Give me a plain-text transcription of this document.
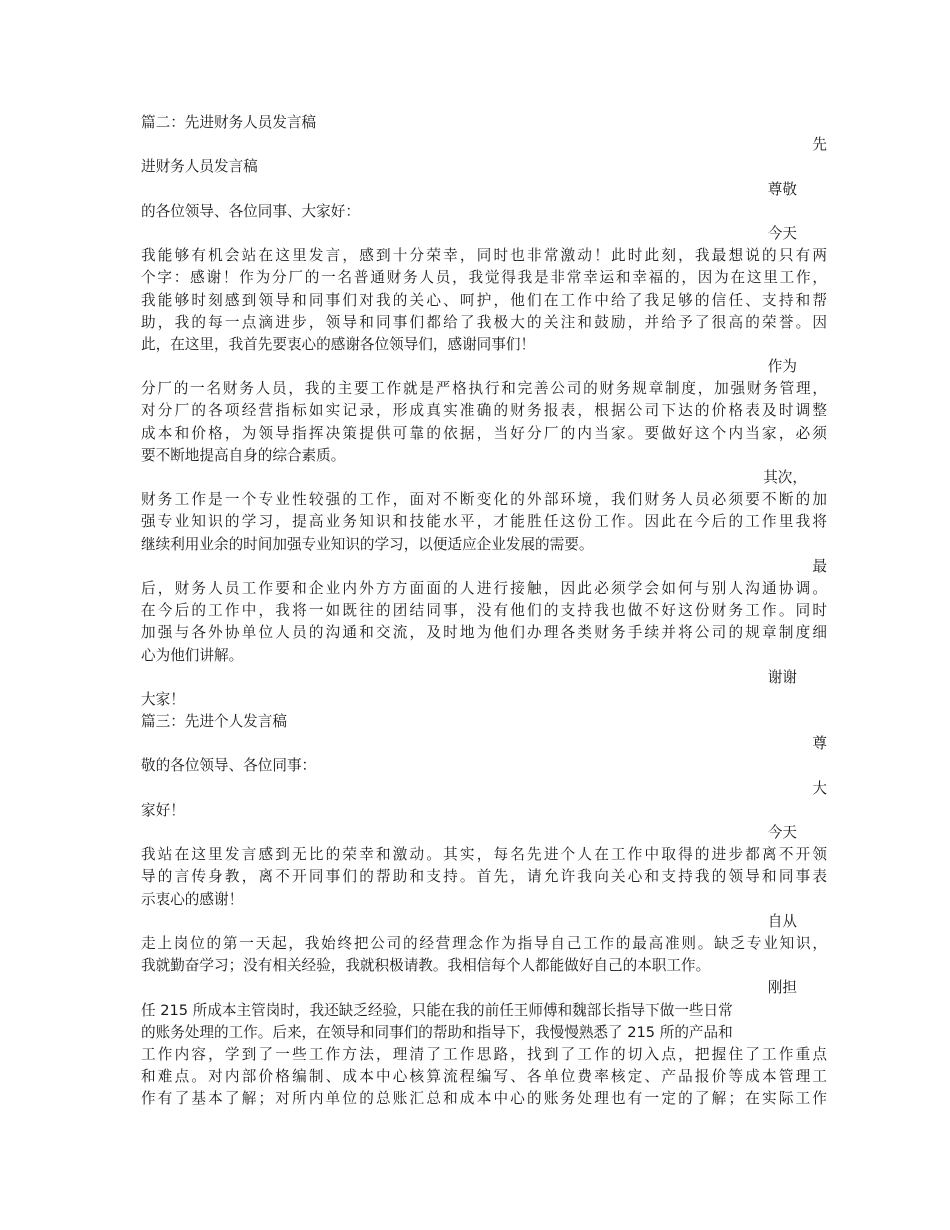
篇二：先进财务人员发言稿
先
进财务人员发言稿
尊敬
的各位领导、各位同事、大家好：
今天
我能够有机会站在这里发言，感到十分荣幸，同时也非常激动！此时此刻，我最想说的只有两
个字：感谢！作为分厂的一名普通财务人员，我觉得我是非常幸运和幸福的，因为在这里工作，
我能够时刻感到领导和同事们对我的关心、呵护，他们在工作中给了我足够的信任、支持和帮
助，我的每一点滴进步，领导和同事们都给了我极大的关注和鼓励，并给予了很高的荣誉。因
此，在这里，我首先要衷心的感谢各位领导们，感谢同事们！
作为
分厂的一名财务人员，我的主要工作就是严格执行和完善公司的财务规章制度，加强财务管理，
对分厂的各项经营指标如实记录，形成真实准确的财务报表，根据公司下达的价格表及时调整
成本和价格，为领导指挥决策提供可靠的依据，当好分厂的内当家。要做好这个内当家，必须
要不断地提高自身的综合素质。
其次，
财务工作是一个专业性较强的工作，面对不断变化的外部环境，我们财务人员必须要不断的加
强专业知识的学习，提高业务知识和技能水平，才能胜任这份工作。因此在今后的工作里我将
继续利用业余的时间加强专业知识的学习，以便适应企业发展的需要。
最
后，财务人员工作要和企业内外方方面面的人进行接触，因此必须学会如何与别人沟通协调。
在今后的工作中，我将一如既往的团结同事，没有他们的支持我也做不好这份财务工作。同时
加强与各外协单位人员的沟通和交流，及时地为他们办理各类财务手续并将公司的规章制度细
心为他们讲解。
谢谢
大家！
篇三：先进个人发言稿
尊
敬的各位领导、各位同事：
大
家好！
今天
我站在这里发言感到无比的荣幸和激动。其实，每名先进个人在工作中取得的进步都离不开领
导的言传身教，离不开同事们的帮助和支持。首先，请允许我向关心和支持我的领导和同事表
示衷心的感谢！
自从
走上岗位的第一天起，我始终把公司的经营理念作为指导自己工作的最高准则。缺乏专业知识，
我就勤奋学习；没有相关经验，我就积极请教。我相信每个人都能做好自己的本职工作。
刚担
任 215 所成本主管岗时，我还缺乏经验，只能在我的前任王师傅和魏部长指导下做一些日常
的账务处理的工作。后来，在领导和同事们的帮助和指导下，我慢慢熟悉了 215 所的产品和
工作内容，学到了一些工作方法，理清了工作思路，找到了工作的切入点，把握住了工作重点
和难点。对内部价格编制、成本中心核算流程编写、各单位费率核定、产品报价等成本管理工
作有了基本了解；对所内单位的总账汇总和成本中心的账务处理也有一定的了解；在实际工作
